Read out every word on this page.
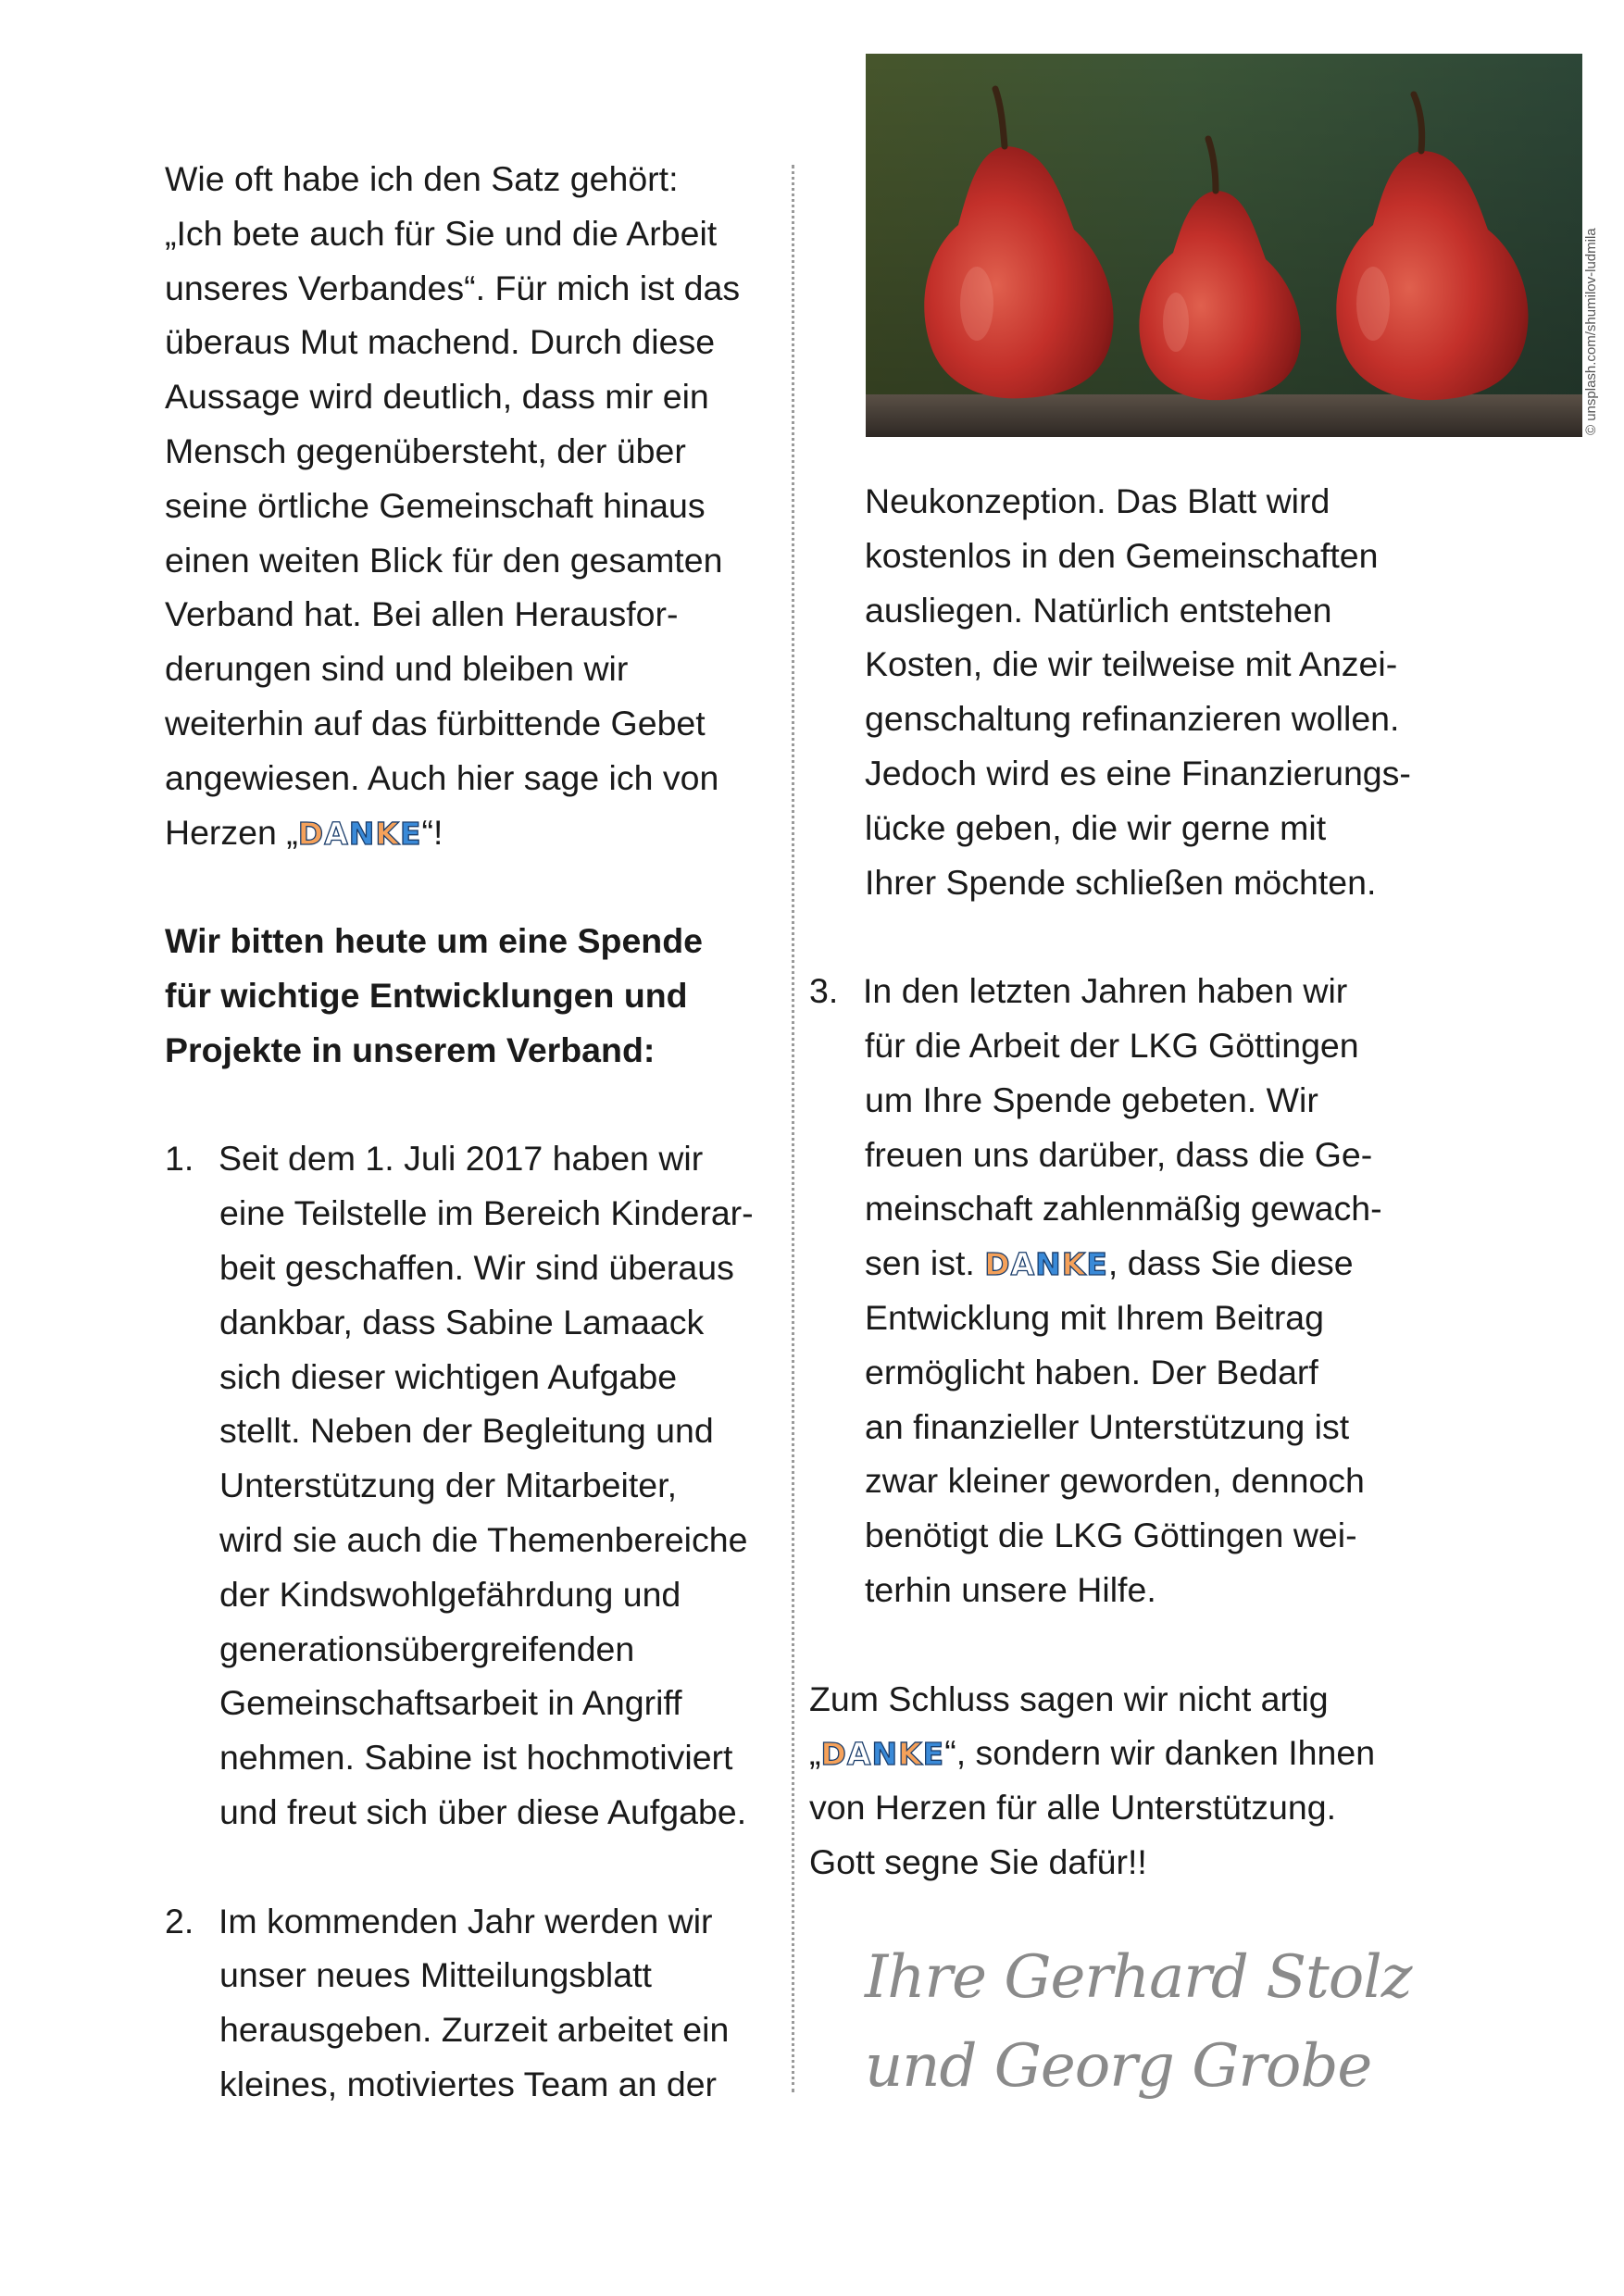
Wie oft habe ich den Satz gehört:
„Ich bete auch für Sie und die Arbeit
unseres Verbandes“. Für mich ist das
überaus Mut machend. Durch diese
Aussage wird deutlich, dass mir ein
Mensch gegenübersteht, der über
seine örtliche Gemeinschaft hinaus
einen weiten Blick für den gesamten
Verband hat. Bei allen Herausfor-
derungen sind und bleiben wir
weiterhin auf das fürbittende Gebet
angewiesen. Auch hier sage ich von
Herzen „DANKE“!
Wir bitten heute um eine Spende
für wichtige Entwicklungen und
Projekte in unserem Verband:
1. Seit dem 1. Juli 2017 haben wir
eine Teilstelle im Bereich Kinderar-
beit geschaffen. Wir sind überaus
dankbar, dass Sabine Lamaack
sich dieser wichtigen Aufgabe
stellt. Neben der Begleitung und
Unterstützung der Mitarbeiter,
wird sie auch die Themenbereiche
der Kindswohlgefährdung und
generationsübergreifenden
Gemeinschaftsarbeit in Angriff
nehmen. Sabine ist hochmotiviert
und freut sich über diese Aufgabe.
2. Im kommenden Jahr werden wir
unser neues Mitteilungsblatt
herausgeben. Zurzeit arbeitet ein
kleines, motiviertes Team an der
© unsplash.com/shumilov-ludmila
Neukonzeption. Das Blatt wird
kostenlos in den Gemeinschaften
ausliegen. Natürlich entstehen
Kosten, die wir teilweise mit Anzei-
genschaltung refinanzieren wollen.
Jedoch wird es eine Finanzierungs-
lücke geben, die wir gerne mit
Ihrer Spende schließen möchten.
3. In den letzten Jahren haben wir
für die Arbeit der LKG Göttingen
um Ihre Spende gebeten. Wir
freuen uns darüber, dass die Ge-
meinschaft zahlenmäßig gewach-
sen ist. DANKE, dass Sie diese
Entwicklung mit Ihrem Beitrag
ermöglicht haben. Der Bedarf
an finanzieller Unterstützung ist
zwar kleiner geworden, dennoch
benötigt die LKG Göttingen wei-
terhin unsere Hilfe.
Zum Schluss sagen wir nicht artig
„DANKE“, sondern wir danken Ihnen
von Herzen für alle Unterstützung.
Gott segne Sie dafür!!
Ihre Gerhard Stolz
und Georg Grobe
